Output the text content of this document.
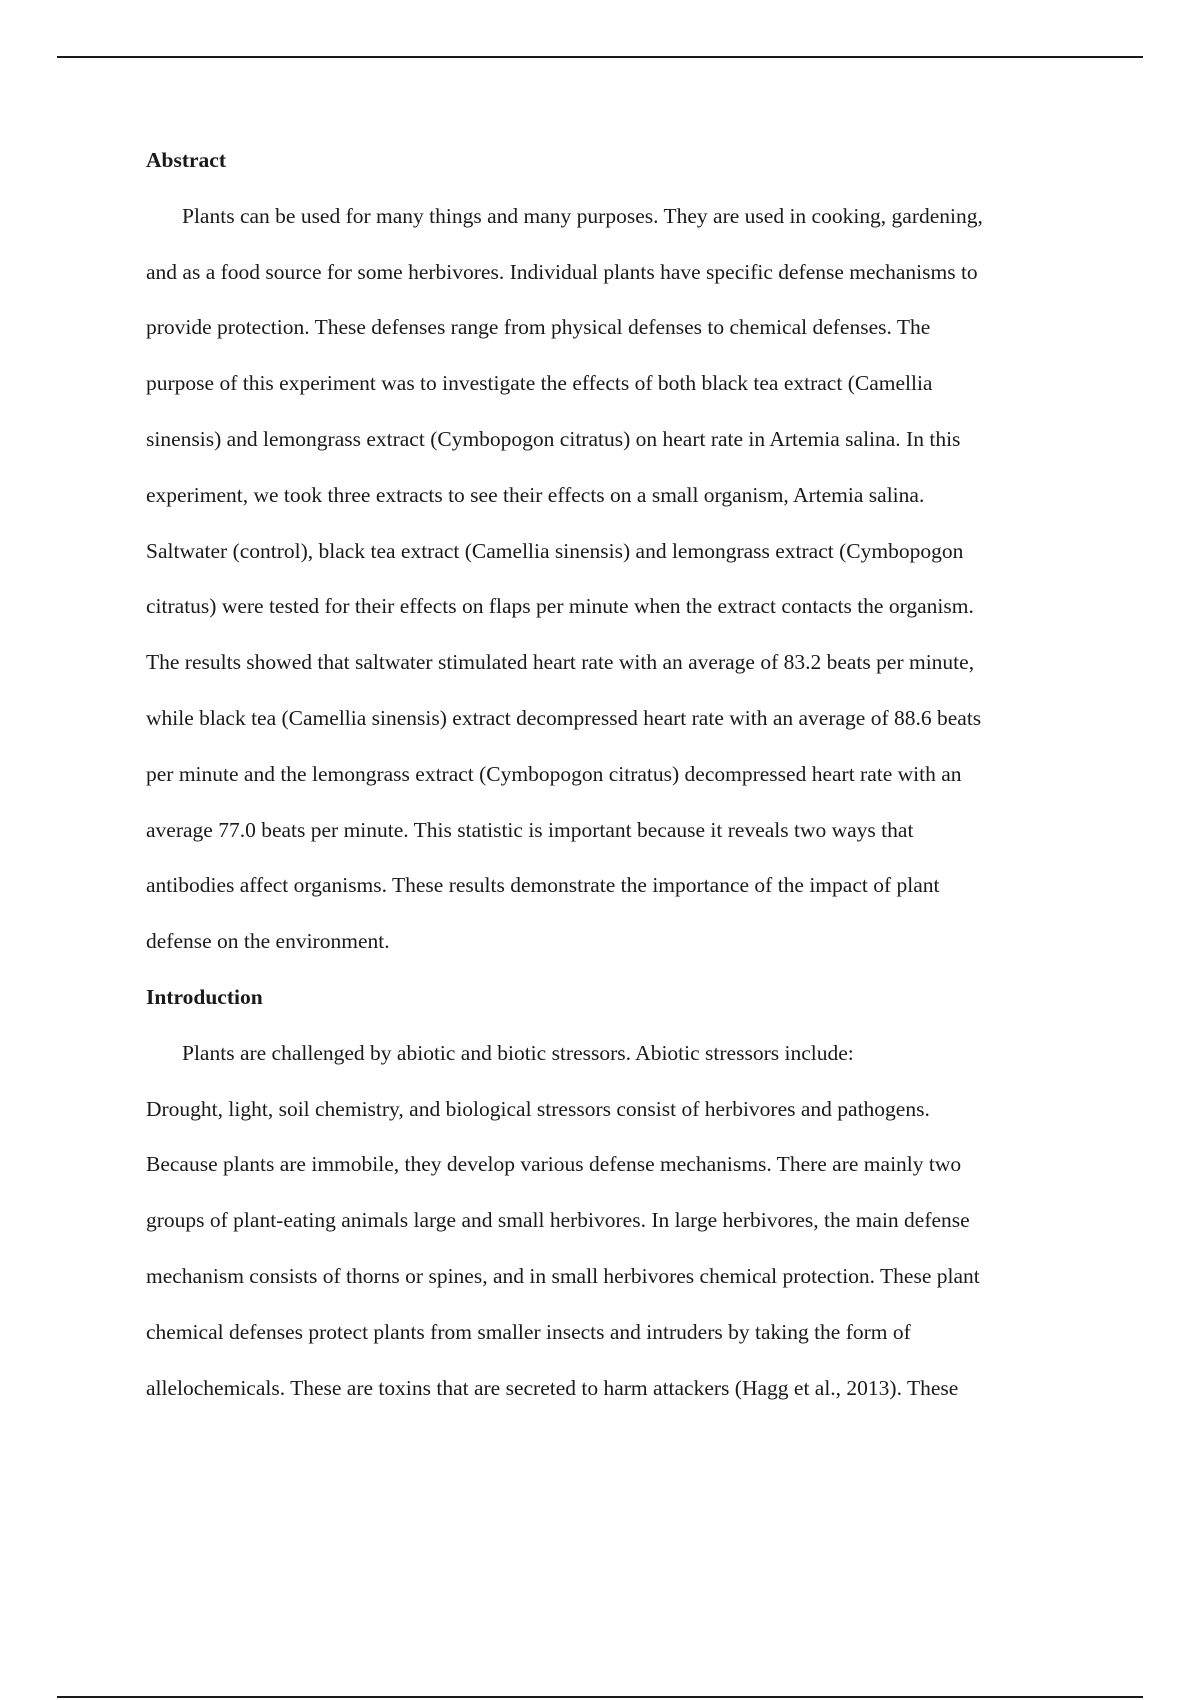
Abstract
Plants can be used for many things and many purposes. They are used in cooking, gardening,
and as a food source for some herbivores. Individual plants have specific defense mechanisms to
provide protection. These defenses range from physical defenses to chemical defenses. The
purpose of this experiment was to investigate the effects of both black tea extract (Camellia
sinensis) and lemongrass extract (Cymbopogon citratus) on heart rate in Artemia salina. In this
experiment, we took three extracts to see their effects on a small organism, Artemia salina.
Saltwater (control), black tea extract (Camellia sinensis) and lemongrass extract (Cymbopogon
citratus) were tested for their effects on flaps per minute when the extract contacts the organism.
The results showed that saltwater stimulated heart rate with an average of 83.2 beats per minute,
while black tea (Camellia sinensis) extract decompressed heart rate with an average of 88.6 beats
per minute and the lemongrass extract (Cymbopogon citratus) decompressed heart rate with an
average 77.0 beats per minute. This statistic is important because it reveals two ways that
antibodies affect organisms. These results demonstrate the importance of the impact of plant
defense on the environment.
Introduction
Plants are challenged by abiotic and biotic stressors. Abiotic stressors include:
Drought, light, soil chemistry, and biological stressors consist of herbivores and pathogens.
Because plants are immobile, they develop various defense mechanisms. There are mainly two
groups of plant-eating animals large and small herbivores. In large herbivores, the main defense
mechanism consists of thorns or spines, and in small herbivores chemical protection. These plant
chemical defenses protect plants from smaller insects and intruders by taking the form of
allelochemicals. These are toxins that are secreted to harm attackers (Hagg et al., 2013). These
